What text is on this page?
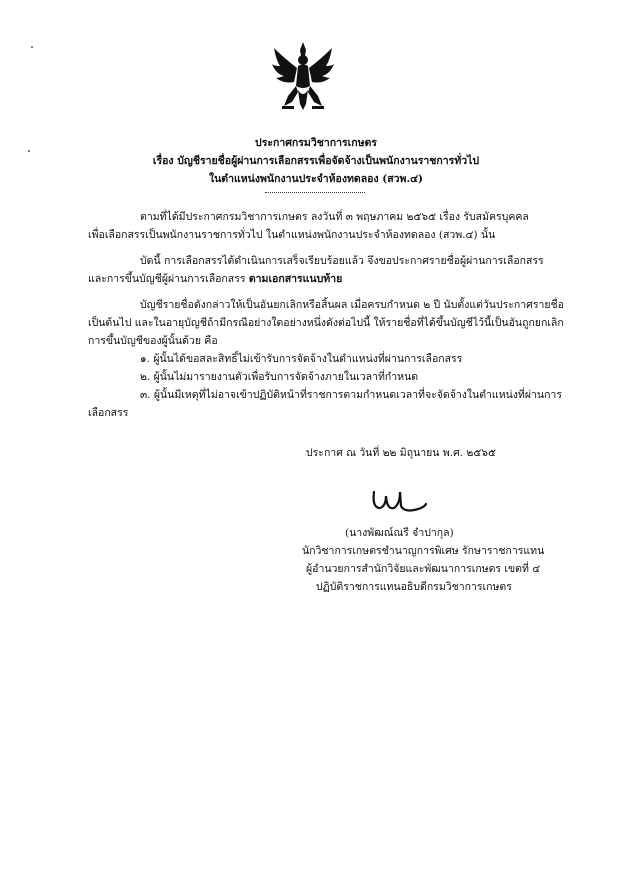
ประกาศกรมวิชาการเกษตร
เรื่อง บัญชีรายชื่อผู้ผ่านการเลือกสรรเพื่อจัดจ้างเป็นพนักงานราชการทั่วไป
ในตำแหน่งพนักงานประจำห้องทดลอง (สวพ.๔)
ตามที่ได้มีประกาศกรมวิชาการเกษตร ลงวันที่ ๓ พฤษภาคม ๒๕๖๕ เรื่อง รับสมัครบุคคล
เพื่อเลือกสรรเป็นพนักงานราชการทั่วไป ในตำแหน่งพนักงานประจำห้องทดลอง (สวพ.๔) นั้น
บัดนี้ การเลือกสรรได้ดำเนินการเสร็จเรียบร้อยแล้ว จึงขอประกาศรายชื่อผู้ผ่านการเลือกสรร
และการขึ้นบัญชีผู้ผ่านการเลือกสรร ตามเอกสารแนบท้าย
บัญชีรายชื่อดังกล่าวให้เป็นอันยกเลิกหรือสิ้นผล เมื่อครบกำหนด ๒ ปี นับตั้งแต่วันประกาศรายชื่อ
เป็นต้นไป และในอายุบัญชีถ้ามีกรณีอย่างใดอย่างหนึ่งดังต่อไปนี้ ให้รายชื่อที่ได้ขึ้นบัญชีไว้นี้เป็นอันถูกยกเลิก
การขึ้นบัญชีของผู้นั้นด้วย คือ
๑. ผู้นั้นได้ขอสละสิทธิ์ไม่เข้ารับการจัดจ้างในตำแหน่งที่ผ่านการเลือกสรร
๒. ผู้นั้นไม่มารายงานตัวเพื่อรับการจัดจ้างภายในเวลาที่กำหนด
๓. ผู้นั้นมีเหตุที่ไม่อาจเข้าปฏิบัติหน้าที่ราชการตามกำหนดเวลาที่จะจัดจ้างในตำแหน่งที่ผ่านการ
เลือกสรร
ประกาศ ณ วันที่ ๒๒ มิถุนายน พ.ศ. ๒๕๖๕
(นางพัฒณ์ณรี จำปากุล)
นักวิชาการเกษตรชำนาญการพิเศษ รักษาราชการแทน
ผู้อำนวยการสำนักวิจัยและพัฒนาการเกษตร เขตที่ ๔
ปฏิบัติราชการแทนอธิบดีกรมวิชาการเกษตร
